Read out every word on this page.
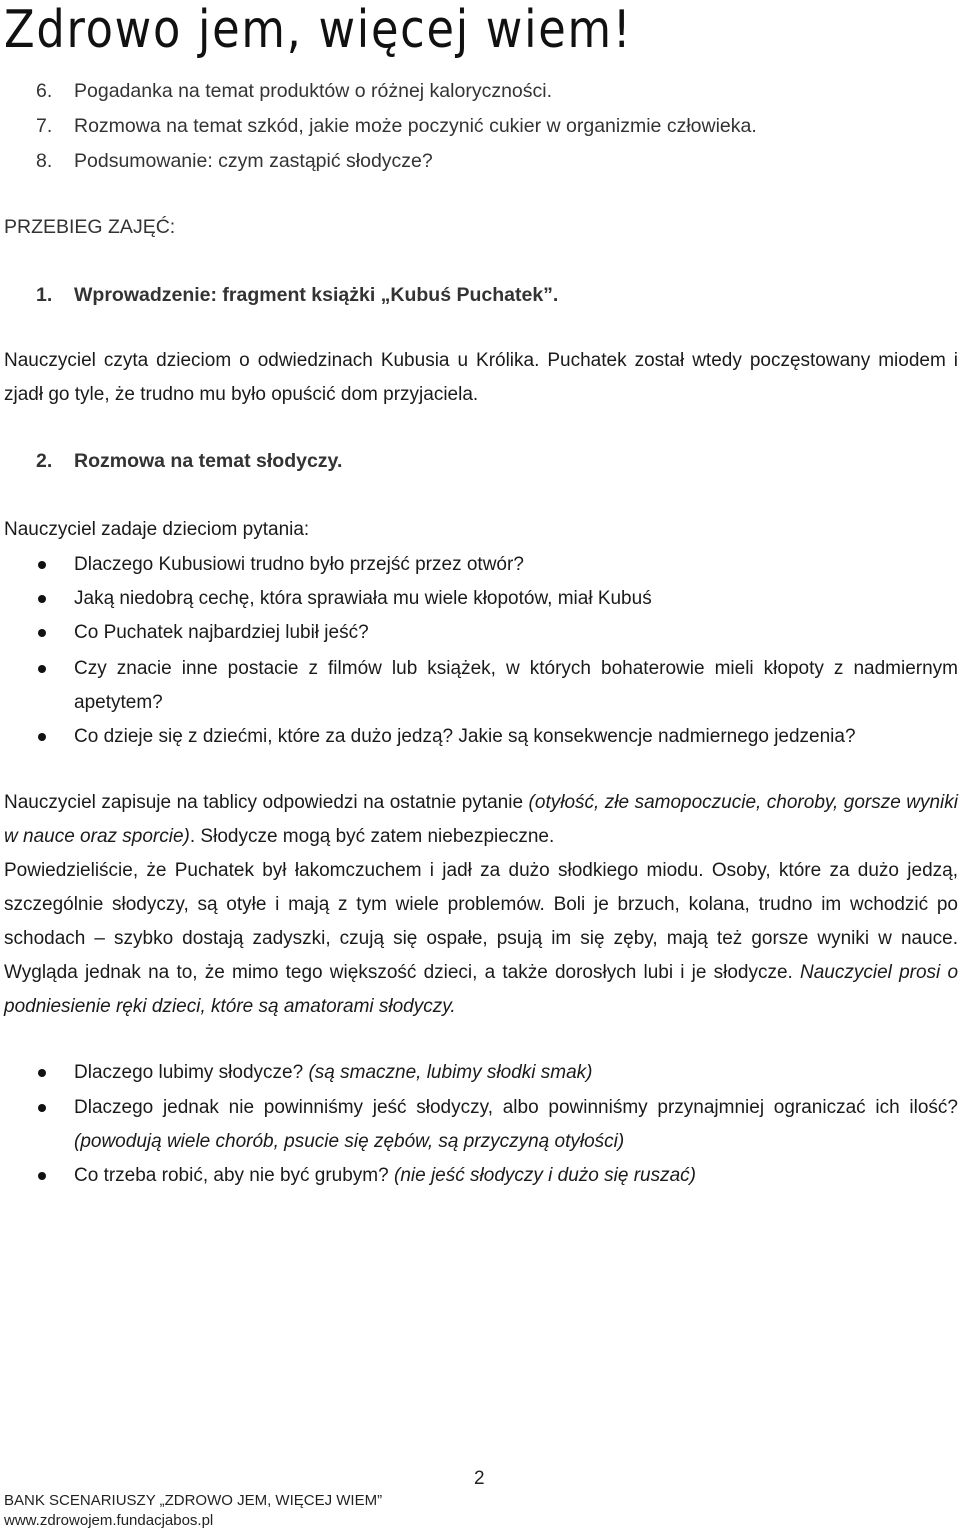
Zdrowo jem, więcej wiem!
6. Pogadanka na temat produktów o różnej kaloryczności.
7. Rozmowa na temat szkód, jakie może poczynić cukier w organizmie człowieka.
8. Podsumowanie: czym zastąpić słodycze?
PRZEBIEG ZAJĘĆ:
1. Wprowadzenie: fragment książki „Kubuś Puchatek”.
Nauczyciel czyta dzieciom o odwiedzinach Kubusia u Królika. Puchatek został wtedy poczęstowany miodem i zjadł go tyle, że trudno mu było opuścić dom przyjaciela.
2. Rozmowa na temat słodyczy.
Nauczyciel zadaje dzieciom pytania:
Dlaczego Kubusiowi trudno było przejść przez otwór?
Jaką niedobrą cechę, która sprawiała mu wiele kłopotów, miał Kubuś
Co Puchatek najbardziej lubił jeść?
Czy znacie inne postacie z filmów lub książek, w których bohaterowie mieli kłopoty z nadmiernym apetytem?
Co dzieje się z dziećmi, które za dużo jedzą? Jakie są konsekwencje nadmiernego jedzenia?
Nauczyciel zapisuje na tablicy odpowiedzi na ostatnie pytanie (otyłość, złe samopoczucie, choroby, gorsze wyniki w nauce oraz sporcie). Słodycze mogą być zatem niebezpieczne.
Powiedzieliście, że Puchatek był łakomczuchem i jadł za dużo słodkiego miodu. Osoby, które za dużo jedzą, szczególnie słodyczy, są otyłe i mają z tym wiele problemów. Boli je brzuch, kolana, trudno im wchodzić po schodach – szybko dostają zadyszki, czują się ospałe, psują im się zęby, mają też gorsze wyniki w nauce. Wygląda jednak na to, że mimo tego większość dzieci, a także dorosłych lubi i je słodycze. Nauczyciel prosi o podniesienie ręki dzieci, które są amatorami słodyczy.
Dlaczego lubimy słodycze? (są smaczne, lubimy słodki smak)
Dlaczego jednak nie powinniśmy jeść słodyczy, albo powinniśmy przynajmniej ograniczać ich ilość? (powodują wiele chorób, psucie się zębów, są przyczyną otyłości)
Co trzeba robić, aby nie być grubym? (nie jeść słodyczy i dużo się ruszać)
2
BANK SCENARIUSZY „ZDROWO JEM, WIĘCEJ WIEM”
www.zdrowojem.fundacjabos.pl
